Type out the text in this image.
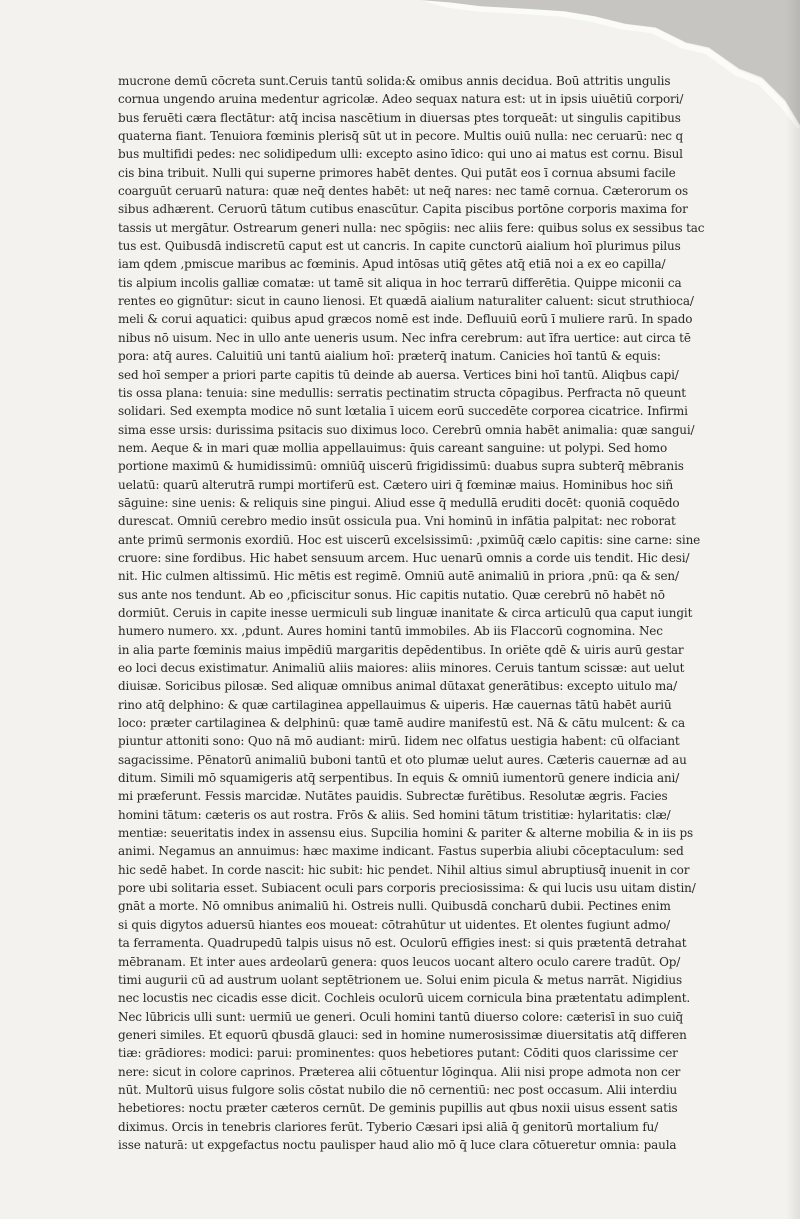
mucrone demū cōcreta sunt.Ceruis tantū solida:& omibus annis decidua. Boū attritis ungulis
cornua ungendo aruina medentur agricolæ. Adeo sequax natura est: ut in ipsis uiuētiū corpori/
bus feruēti cæra flectātur: atq̄ incisa nascētium in diuersas ptes torqueāt: ut singulis capitibus
quaterna fiant. Tenuiora fœminis plerisq̄ sūt ut in pecore. Multis ouiū nulla: nec ceruarū: nec q
bus multifidi pedes: nec solidipedum ulli: excepto asino īdico: qui uno ai matus est cornu. Bisul
cis bina tribuit. Nulli qui superne primores habēt dentes. Qui putāt eos ī cornua absumi facile
coarguūt ceruarū natura: quæ neq̄ dentes habēt: ut neq̄ nares: nec tamē cornua. Cæterorum os
sibus adhærent. Ceruorū tātum cutibus enascūtur. Capita piscibus portōne corporis maxima for
tassis ut mergātur. Ostrearum generi nulla: nec spōgiis: nec aliis fere: quibus solus ex sessibus tac
tus est. Quibusdā indiscretū caput est ut cancris. In capite cunctorū aialium hoī plurimus pilus
iam qdem ,pmiscue maribus ac fœminis. Apud intōsas utiq̄ gētes atq̄ etiā noi a ex eo capilla/
tis alpium incolis galliæ comatæ: ut tamē sit aliqua in hoc terrarū differētia. Quippe miconii ca
rentes eo gignūtur: sicut in cauno lienosi. Et quædā aialium naturaliter caluent: sicut struthioca/
meli & corui aquatici: quibus apud græcos nomē est inde. Defluuiū eorū ī muliere rarū. In spado
nibus nō uisum. Nec in ullo ante ueneris usum. Nec infra cerebrum: aut īfra uertice: aut circa tē
pora: atq̄ aures. Caluitiū uni tantū aialium hoī: præterq̄ inatum. Canicies hoī tantū & equis:
sed hoī semper a priori parte capitis tū deinde ab auersa. Vertices bini hoī tantū. Aliqbus capi/
tis ossa plana: tenuia: sine medullis: serratis pectinatim structa cōpagibus. Perfracta nō queunt
solidari. Sed exempta modice nō sunt lœtalia ī uicem eorū succedēte corporea cicatrice. Infirmi
sima esse ursis: durissima psitacis suo diximus loco. Cerebrū omnia habēt animalia: quæ sangui/
nem. Aeque & in mari quæ mollia appellauimus: q̄uis careant sanguine: ut polypi. Sed homo
portione maximū & humidissimū: omniūq̄ uiscerū frigidissimū: duabus supra subterq̄ mēbranis
uelatū: quarū alterutrā rumpi mortiferū est. Cætero uiri q̄ fœminæ maius. Hominibus hoc siñ
sāguine: sine uenis: & reliquis sine pingui. Aliud esse q̄ medullā eruditi docēt: quoniā coquēdo
durescat. Omniū cerebro medio insūt ossicula pua. Vni hominū in infātia palpitat: nec roborat
ante primū sermonis exordiū. Hoc est uiscerū excelsissimū: ,pximūq̄ cælo capitis: sine carne: sine
cruore: sine fordibus. Hic habet sensuum arcem. Huc uenarū omnis a corde uis tendit. Hic desi/
nit. Hic culmen altissimū. Hic mētis est regimē. Omniū autē animaliū in priora ,pnū: qa & sen/
sus ante nos tendunt. Ab eo ,pficiscitur sonus. Hic capitis nutatio. Quæ cerebrū nō habēt nō
dormiūt. Ceruis in capite inesse uermiculi sub linguæ inanitate & circa articulū qua caput iungit
humero numero. xx. ,pdunt. Aures homini tantū immobiles. Ab iis Flaccorū cognomina. Nec
in alia parte fœminis maius impēdiū margaritis depēdentibus. In oriēte qdē & uiris aurū gestar
eo loci decus existimatur. Animaliū aliis maiores: aliis minores. Ceruis tantum scissæ: aut uelut
diuisæ. Soricibus pilosæ. Sed aliquæ omnibus animal dūtaxat generātibus: excepto uitulo ma/
rino atq̄ delphino: & quæ cartilaginea appellauimus & uiperis. Hæ cauernas tātū habēt auriū
loco: præter cartilaginea & delphinū: quæ tamē audire manifestū est. Nā & cātu mulcent: & ca
piuntur attoniti sono: Quo nā mō audiant: mirū. Iidem nec olfatus uestigia habent: cū olfaciant
sagacissime. Pēnatorū animaliū buboni tantū et oto plumæ uelut aures. Cæteris cauernæ ad au
ditum. Simili mō squamigeris atq̄ serpentibus. In equis & omniū iumentorū genere indicia ani/
mi præferunt. Fessis marcidæ. Nutātes pauidis. Subrectæ furētibus. Resolutæ ægris. Facies
homini tātum: cæteris os aut rostra. Frōs & aliis. Sed homini tātum tristitiæ: hylaritatis: clæ/
mentiæ: seueritatis index in assensu eius. Supcilia homini & pariter & alterne mobilia & in iis ps
animi. Negamus an annuimus: hæc maxime indicant. Fastus superbia aliubi cōceptaculum: sed
hic sedē habet. In corde nascit: hic subit: hic pendet. Nihil altius simul abruptiusq̄ inuenit in cor
pore ubi solitaria esset. Subiacent oculi pars corporis preciosissima: & qui lucis usu uitam distin/
gnāt a morte. Nō omnibus animaliū hi. Ostreis nulli. Quibusdā concharū dubii. Pectines enim
si quis digytos aduersū hiantes eos moueat: cōtrahūtur ut uidentes. Et olentes fugiunt admo/
ta ferramenta. Quadrupedū talpis uisus nō est. Oculorū effigies inest: si quis prætentā detrahat
mēbranam. Et inter aues ardeolarū genera: quos leucos uocant altero oculo carere tradūt. Op/
timi augurii cū ad austrum uolant septētrionem ue. Solui enim picula & metus narrāt. Nigidius
nec locustis nec cicadis esse dicit. Cochleis oculorū uicem cornicula bina prætentatu adimplent.
Nec lūbricis ulli sunt: uermiū ue generi. Oculi homini tantū diuerso colore: cæterisī in suo cuiq̄
generi similes. Et equorū qbusdā glauci: sed in homine numerosissimæ diuersitatis atq̄ differen
tiæ: grādiores: modici: parui: prominentes: quos hebetiores putant: Cōditi quos clarissime cer
nere: sicut in colore caprinos. Præterea alii cōtuentur lōginqua. Alii nisi prope admota non cer
nūt. Multorū uisus fulgore solis cōstat nubilo die nō cernentiū: nec post occasum. Alii interdiu
hebetiores: noctu præter cæteros cernūt. De geminis pupillis aut qbus noxii uisus essent satis
diximus. Orcis in tenebris clariores ferūt. Tyberio Cæsari ipsi aliā q̄ genitorū mortalium fu/
isse naturā: ut expgefactus noctu paulisper haud alio mō q̄ luce clara cōtueretur omnia: paula
